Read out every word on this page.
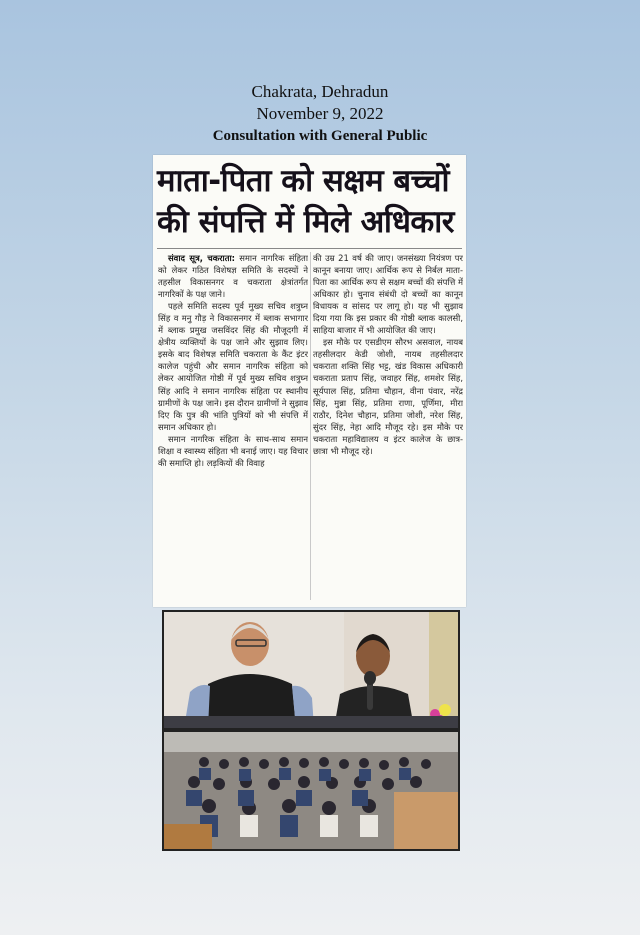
Chakrata, Dehradun
November 9, 2022
Consultation with General Public
माता-पिता को सक्षम बच्चों
की संपत्ति में मिले अधिकार

संवाद सूत्र, चकराता: समान नागरिक संहिता को लेकर गठित विशेषज्ञ समिति के सदस्यों ने तहसील विकासनगर व चकराता क्षेत्रांतर्गत नागरिकों के पक्ष जाने।

पहले समिति सदस्य पूर्व मुख्य सचिव शत्रुघ्न सिंह व मनु गौड़ ने विकासनगर में ब्लाक सभागार में ब्लाक प्रमुख जसविंदर सिंह की मौजूदगी में क्षेत्रीय व्यक्तियों के पक्ष जाने और सुझाव लिए। इसके बाद विशेषज्ञ समिति चकराता के कैंट इंटर कालेज पहुंची और समान नागरिक संहिता को लेकर आयोजित गोष्ठी में पूर्व मुख्य सचिव शत्रुघ्न सिंह आदि ने समान नागरिक संहिता पर स्थानीय ग्रामीणों के पक्ष जाने। इस दौरान ग्रामीणों ने सुझाव दिए कि पुत्र की भांति पुत्रियों को भी संपत्ति में समान अधिकार हो।

समान नागरिक संहिता के साथ-साथ समान शिक्षा व स्वास्थ्य संहिता भी बनाई जाए। यह विचार की समाप्ति हो। लड़कियों की विवाह

की उम्र 21 वर्ष की जाए। जनसंख्या नियंत्रण पर कानून बनाया जाए। आर्थिक रूप से निर्बल माता-पिता का आर्थिक रूप से सक्षम बच्चों की संपत्ति में अधिकार हो। चुनाव संबंधी दो बच्चों का कानून विधायक व सांसद पर लागू हो। यह भी सुझाव दिया गया कि इस प्रकार की गोष्ठी ब्लाक कालसी, साहिया बाजार में भी आयोजित की जाए।

इस मौके पर एसडीएम सौरभ असवाल, नायब तहसीलदार केडी जोशी, नायब तहसीलदार चकराता शक्ति सिंह भट्ट, खंड विकास अधिकारी चकराता प्रताप सिंह, जवाहर सिंह, शमशेर सिंह, सूर्यपाल सिंह, प्रतिमा चौहान, वीना पंवार, नरेंद्र सिंह, मुन्ना सिंह, प्रतिमा राणा, पूर्णिमा, मीरा राठौर, दिनेश चौहान, प्रतिमा जोशी, नरेश सिंह, सुंदर सिंह, नेहा आदि मौजूद रहे। इस मौके पर चकराता महाविद्यालय व इंटर कालेज के छात्र-छात्रा भी मौजूद रहे।
